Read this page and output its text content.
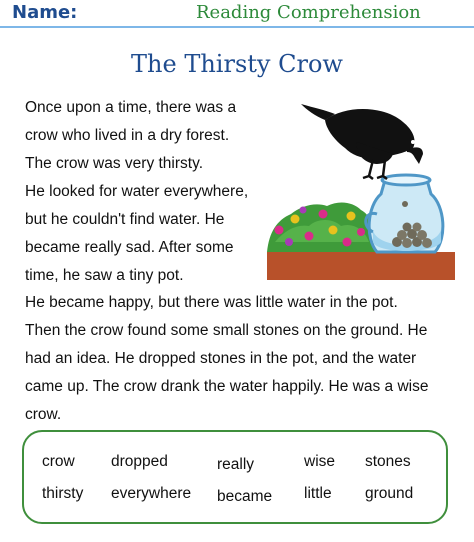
Name:	Reading Comprehension
The Thirsty Crow
Once upon a time, there was a
crow who lived in a dry forest.
The crow was very thirsty.
He looked for water everywhere,
but he couldn't find water. He
became really sad. After some
time, he saw a tiny pot.
He became happy, but there was little water in the pot.
Then the crow found some small stones on the ground. He
had an idea. He dropped stones in the pot, and the water
came up. The crow drank the water happily. He was a wise
crow.
crow dropped	really	wise stones
thirsty everywhere became little ground
